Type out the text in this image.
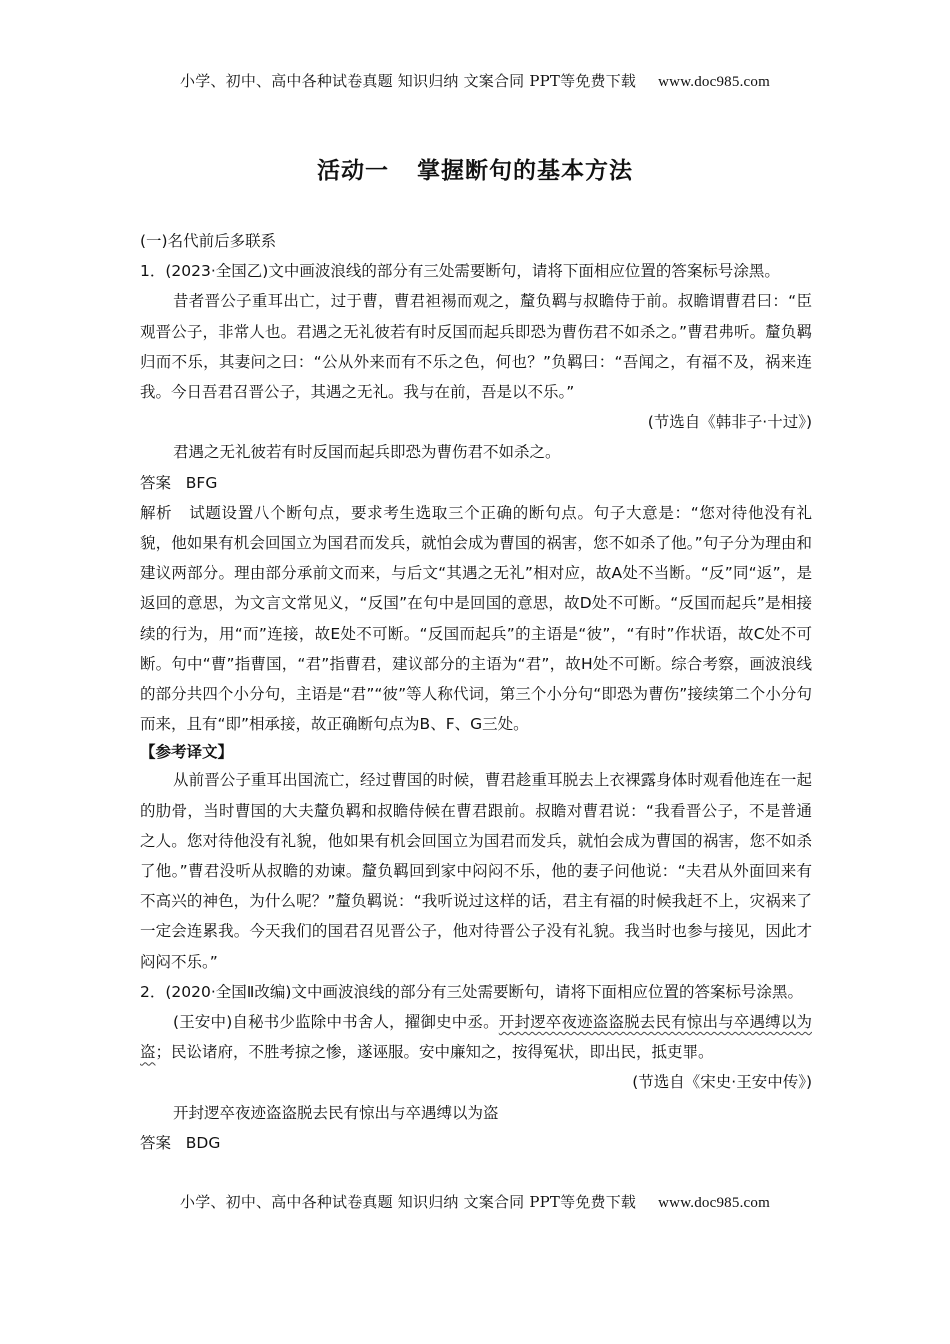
小学、初中、高中各种试卷真题 知识归纳 文案合同 PPT等免费下载 www.doc985.com
活动一 掌握断句的基本方法

(一)名代前后多联系

1．(2023·全国乙)文中画波浪线的部分有三处需要断句，请将下面相应位置的答案标号涂黑。

昔者晋公子重耳出亡，过于曹，曹君袒裼而观之，釐负羁与叔瞻侍于前。叔瞻谓曹君曰：“臣观晋公子，非常人也。君遇之无礼彼若有时反国而起兵即恐为曹伤君不如杀之。”曹君弗听。釐负羁归而不乐，其妻问之曰：“公从外来而有不乐之色，何也？”负羁曰：“吾闻之，有福不及，祸来连我。今日吾君召晋公子，其遇之无礼。我与在前，吾是以不乐。”

(节选自《韩非子·十过》)

君遇之无礼彼若有时反国而起兵即恐为曹伤君不如杀之。

答案 BFG

解析 试题设置八个断句点，要求考生选取三个正确的断句点。句子大意是：“您对待他没有礼貌，他如果有机会回国立为国君而发兵，就怕会成为曹国的祸害，您不如杀了他。”句子分为理由和建议两部分。理由部分承前文而来，与后文“其遇之无礼”相对应，故A处不当断。“反”同“返”，是返回的意思，为文言文常见义，“反国”在句中是回国的意思，故D处不可断。“反国而起兵”是相接续的行为，用“而”连接，故E处不可断。“反国而起兵”的主语是“彼”，“有时”作状语，故C处不可断。句中“曹”指曹国，“君”指曹君，建议部分的主语为“君”，故H处不可断。综合考察，画波浪线的部分共四个小分句，主语是“君”“彼”等人称代词，第三个小分句“即恐为曹伤”接续第二个小分句而来，且有“即”相承接，故正确断句点为B、F、G三处。

【参考译文】

从前晋公子重耳出国流亡，经过曹国的时候，曹君趁重耳脱去上衣裸露身体时观看他连在一起的肋骨，当时曹国的大夫釐负羁和叔瞻侍候在曹君跟前。叔瞻对曹君说：“我看晋公子，不是普通之人。您对待他没有礼貌，他如果有机会回国立为国君而发兵，就怕会成为曹国的祸害，您不如杀了他。”曹君没听从叔瞻的劝谏。釐负羁回到家中闷闷不乐，他的妻子问他说：“夫君从外面回来有不高兴的神色，为什么呢？”釐负羁说：“我听说过这样的话，君主有福的时候我赶不上，灾祸来了一定会连累我。今天我们的国君召见晋公子，他对待晋公子没有礼貌。我当时也参与接见，因此才闷闷不乐。”

2．(2020·全国Ⅱ改编)文中画波浪线的部分有三处需要断句，请将下面相应位置的答案标号涂黑。

(王安中)自秘书少监除中书舍人，擢御史中丞。开封逻卒夜迹盗盗脱去民有惊出与卒遇缚以为盗；民讼诸府，不胜考掠之惨，遂诬服。安中廉知之，按得冤状，即出民，抵吏罪。

(节选自《宋史·王安中传》)

开封逻卒夜迹盗盗脱去民有惊出与卒遇缚以为盗

答案 BDG

小学、初中、高中各种试卷真题 知识归纳 文案合同 PPT等免费下载 www.doc985.com
